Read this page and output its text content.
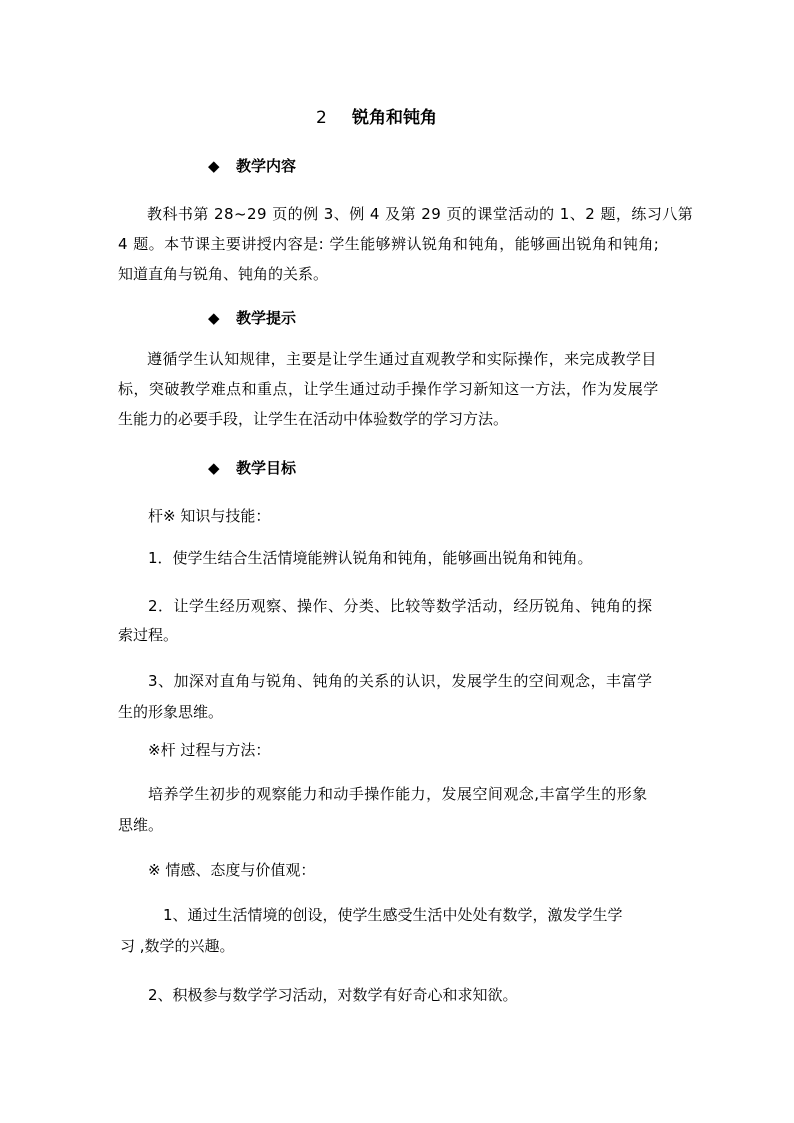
2 锐角和钝角
◆ 教学内容
教科书第 28~29 页的例 3、例 4 及第 29 页的课堂活动的 1、2 题，练习八第
4 题。本节课主要讲授内容是: 学生能够辨认锐角和钝角，能够画出锐角和钝角;
知道直角与锐角、钝角的关系。
◆ 教学提示
遵循学生认知规律，主要是让学生通过直观教学和实际操作，来完成教学目
标，突破教学难点和重点，让学生通过动手操作学习新知这一方法，作为发展学
生能力的必要手段，让学生在活动中体验数学的学习方法。
◆ 教学目标
杆※ 知识与技能：
1．使学生结合生活情境能辨认锐角和钝角，能够画出锐角和钝角。
2．让学生经历观察、操作、分类、比较等数学活动，经历锐角、钝角的探
索过程。
3、加深对直角与锐角、钝角的关系的认识，发展学生的空间观念，丰富学
生的形象思维。
※杆 过程与方法：
培养学生初步的观察能力和动手操作能力，发展空间观念,丰富学生的形象
思维。
※ 情感、态度与价值观：
1、通过生活情境的创设，使学生感受生活中处处有数学，激发学生学
习 ,数学的兴趣。
2、积极参与数学学习活动，对数学有好奇心和求知欲。
